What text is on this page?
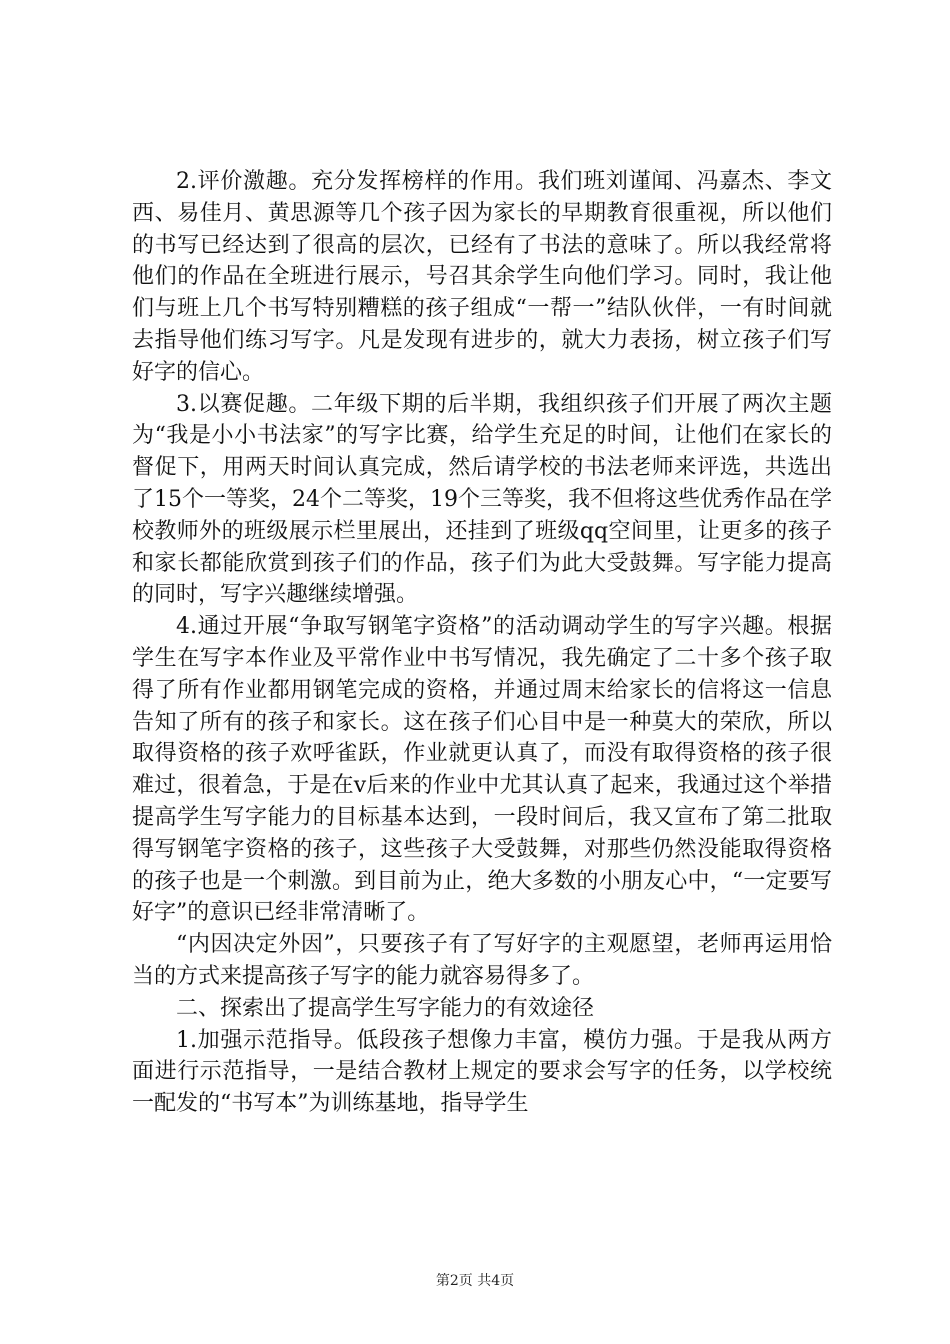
2.评价激趣。充分发挥榜样的作用。我们班刘谨闻、冯嘉杰、李文西、易佳月、黄思源等几个孩子因为家长的早期教育很重视，所以他们的书写已经达到了很高的层次，已经有了书法的意味了。所以我经常将他们的作品在全班进行展示，号召其余学生向他们学习。同时，我让他们与班上几个书写特别糟糕的孩子组成“一帮一”结队伙伴，一有时间就去指导他们练习写字。凡是发现有进步的，就大力表扬，树立孩子们写好字的信心。

3.以赛促趣。二年级下期的后半期，我组织孩子们开展了两次主题为“我是小小书法家”的写字比赛，给学生充足的时间，让他们在家长的督促下，用两天时间认真完成，然后请学校的书法老师来评选，共选出了15个一等奖，24个二等奖，19个三等奖，我不但将这些优秀作品在学校教师外的班级展示栏里展出，还挂到了班级qq空间里，让更多的孩子和家长都能欣赏到孩子们的作品，孩子们为此大受鼓舞。写字能力提高的同时，写字兴趣继续增强。

4.通过开展“争取写钢笔字资格”的活动调动学生的写字兴趣。根据学生在写字本作业及平常作业中书写情况，我先确定了二十多个孩子取得了所有作业都用钢笔完成的资格，并通过周末给家长的信将这一信息告知了所有的孩子和家长。这在孩子们心目中是一种莫大的荣欣，所以取得资格的孩子欢呼雀跃，作业就更认真了，而没有取得资格的孩子很难过，很着急，于是在v后来的作业中尤其认真了起来，我通过这个举措提高学生写字能力的目标基本达到，一段时间后，我又宣布了第二批取得写钢笔字资格的孩子，这些孩子大受鼓舞，对那些仍然没能取得资格的孩子也是一个刺激。到目前为止，绝大多数的小朋友心中，“一定要写好字”的意识已经非常清晰了。

“内因决定外因”，只要孩子有了写好字的主观愿望，老师再运用恰当的方式来提高孩子写字的能力就容易得多了。

二、探索出了提高学生写字能力的有效途径

1.加强示范指导。低段孩子想像力丰富，模仿力强。于是我从两方面进行示范指导，一是结合教材上规定的要求会写字的任务，以学校统一配发的“书写本”为训练基地，指导学生

第2页 共4页
